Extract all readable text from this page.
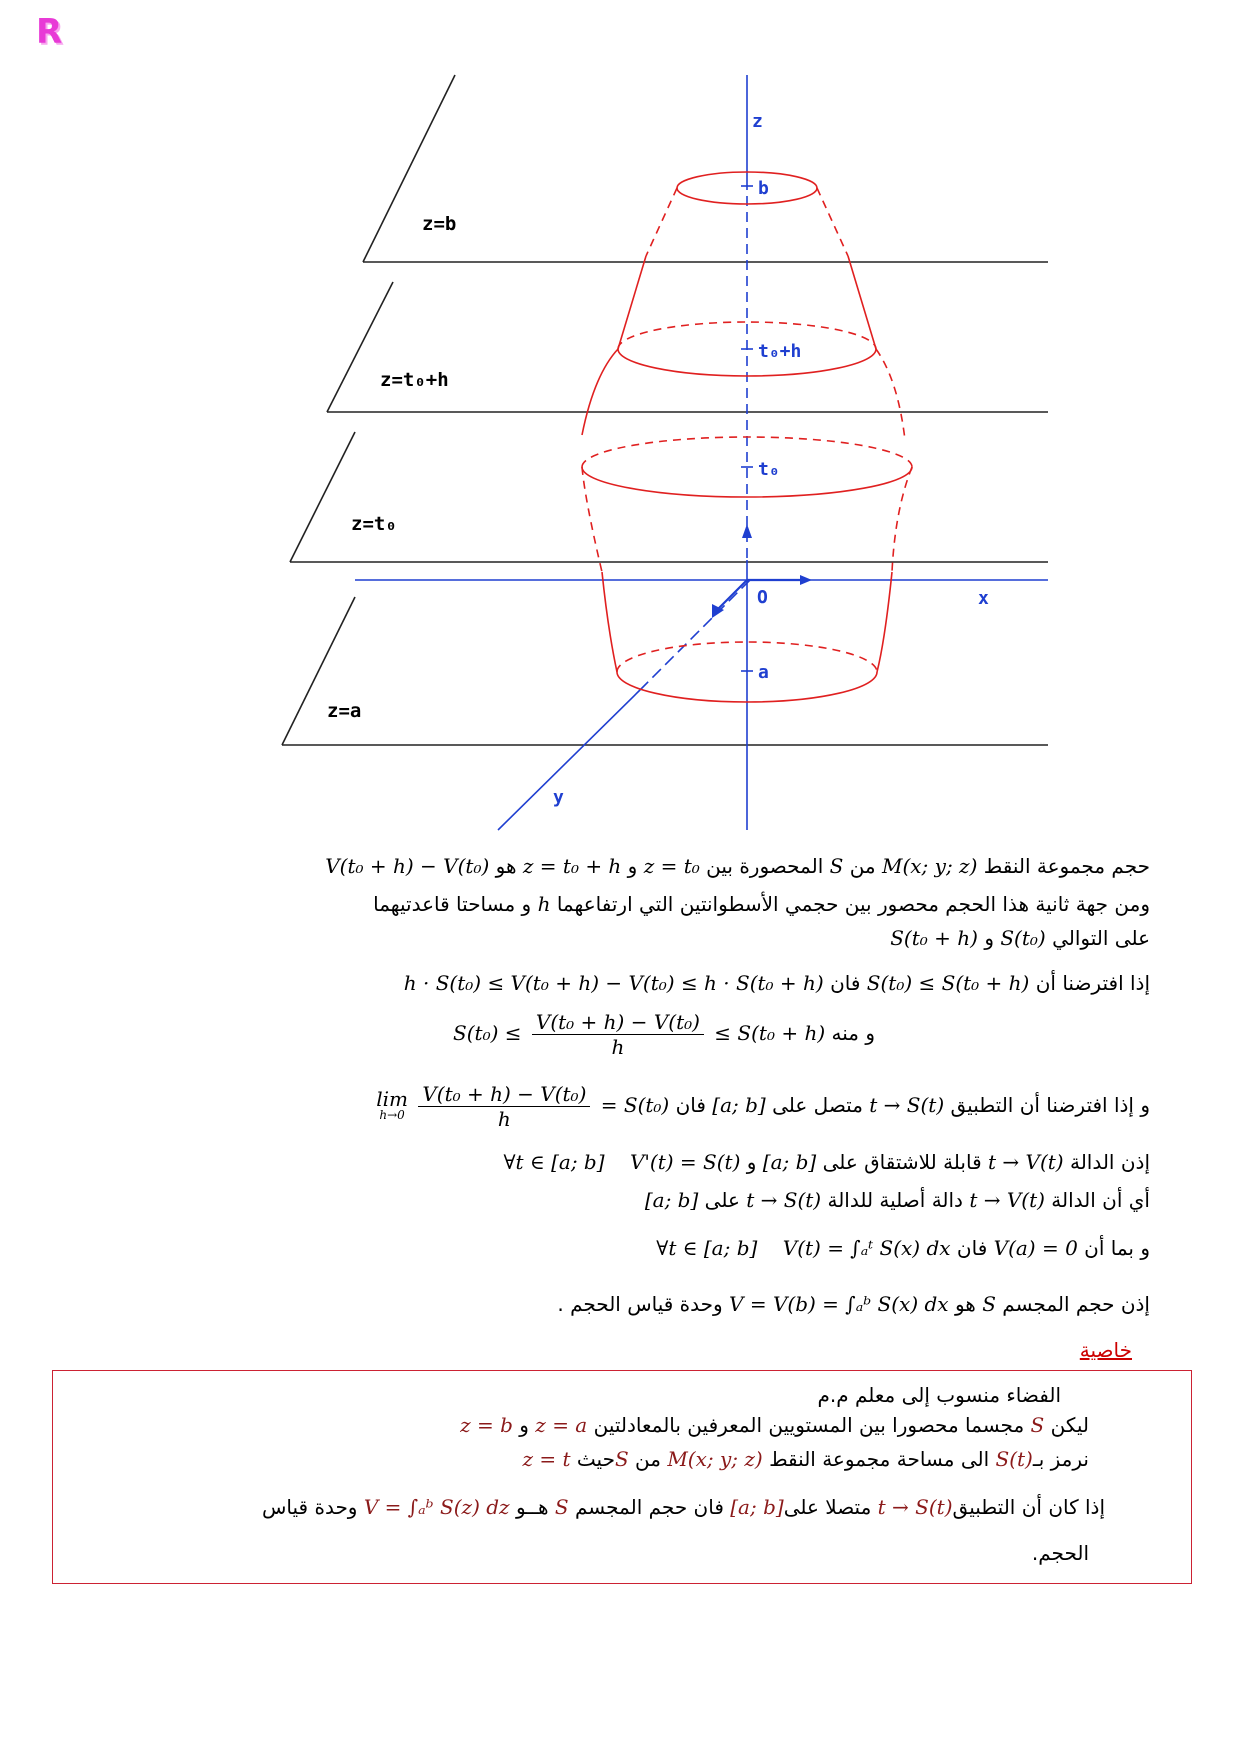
R
z=b
z=t₀+h
z=t₀
z=a
b
t₀+h
t₀
a
z
x
y
O
حجم مجموعة النقط M(x; y; z) من S المحصورة بين z = t₀ و z = t₀ + h هو V(t₀ + h) − V(t₀)
ومن جهة ثانية هذا الحجم محصور بين حجمي الأسطوانتين التي ارتفاعهما h و مساحتا قاعدتيهما
على التوالي S(t₀) و S(t₀ + h)
إذا افترضنا أن S(t₀) ≤ S(t₀ + h) فان h · S(t₀) ≤ V(t₀ + h) − V(t₀) ≤ h · S(t₀ + h)
و منه $S(t_0) \le \frac{\text{V(t₀ + h) − V(t₀)}}{h} \le S(t_0 + h)$
و إذا افترضنا أن التطبيق t → S(t) متصل على [a; b] فان lim
h→0
$\frac{\text{V(t₀ + h) − V(t₀)}}{h} = S(t_0)$
إذن الدالة t → V(t) قابلة للاشتقاق على [a; b] و V'(t) = S(t)    ∀t ∈ [a; b]
أي أن الدالة t → V(t) دالة أصلية للدالة t → S(t) على [a; b]
و بما أن V(a) = 0 فان V(t) = ∫ₐᵗ S(x) dx    ∀t ∈ [a; b]
إذن حجم المجسم S هو V = V(b) = ∫ₐᵇ S(x) dx وحدة قياس الحجم .
خاصية
الفضاء منسوب إلى معلم م.م
ليكن S مجسما محصورا بين المستويين المعرفين بالمعادلتين z = a و z = b
نرمز بـS(t) الى مساحة مجموعة النقط M(x; y; z) من Sحيث z = t
إذا كان أن التطبيقt → S(t) متصلا على[a; b] فان حجم المجسم S هــو V = ∫ₐᵇ S(z) dz وحدة قياس
الحجم.
